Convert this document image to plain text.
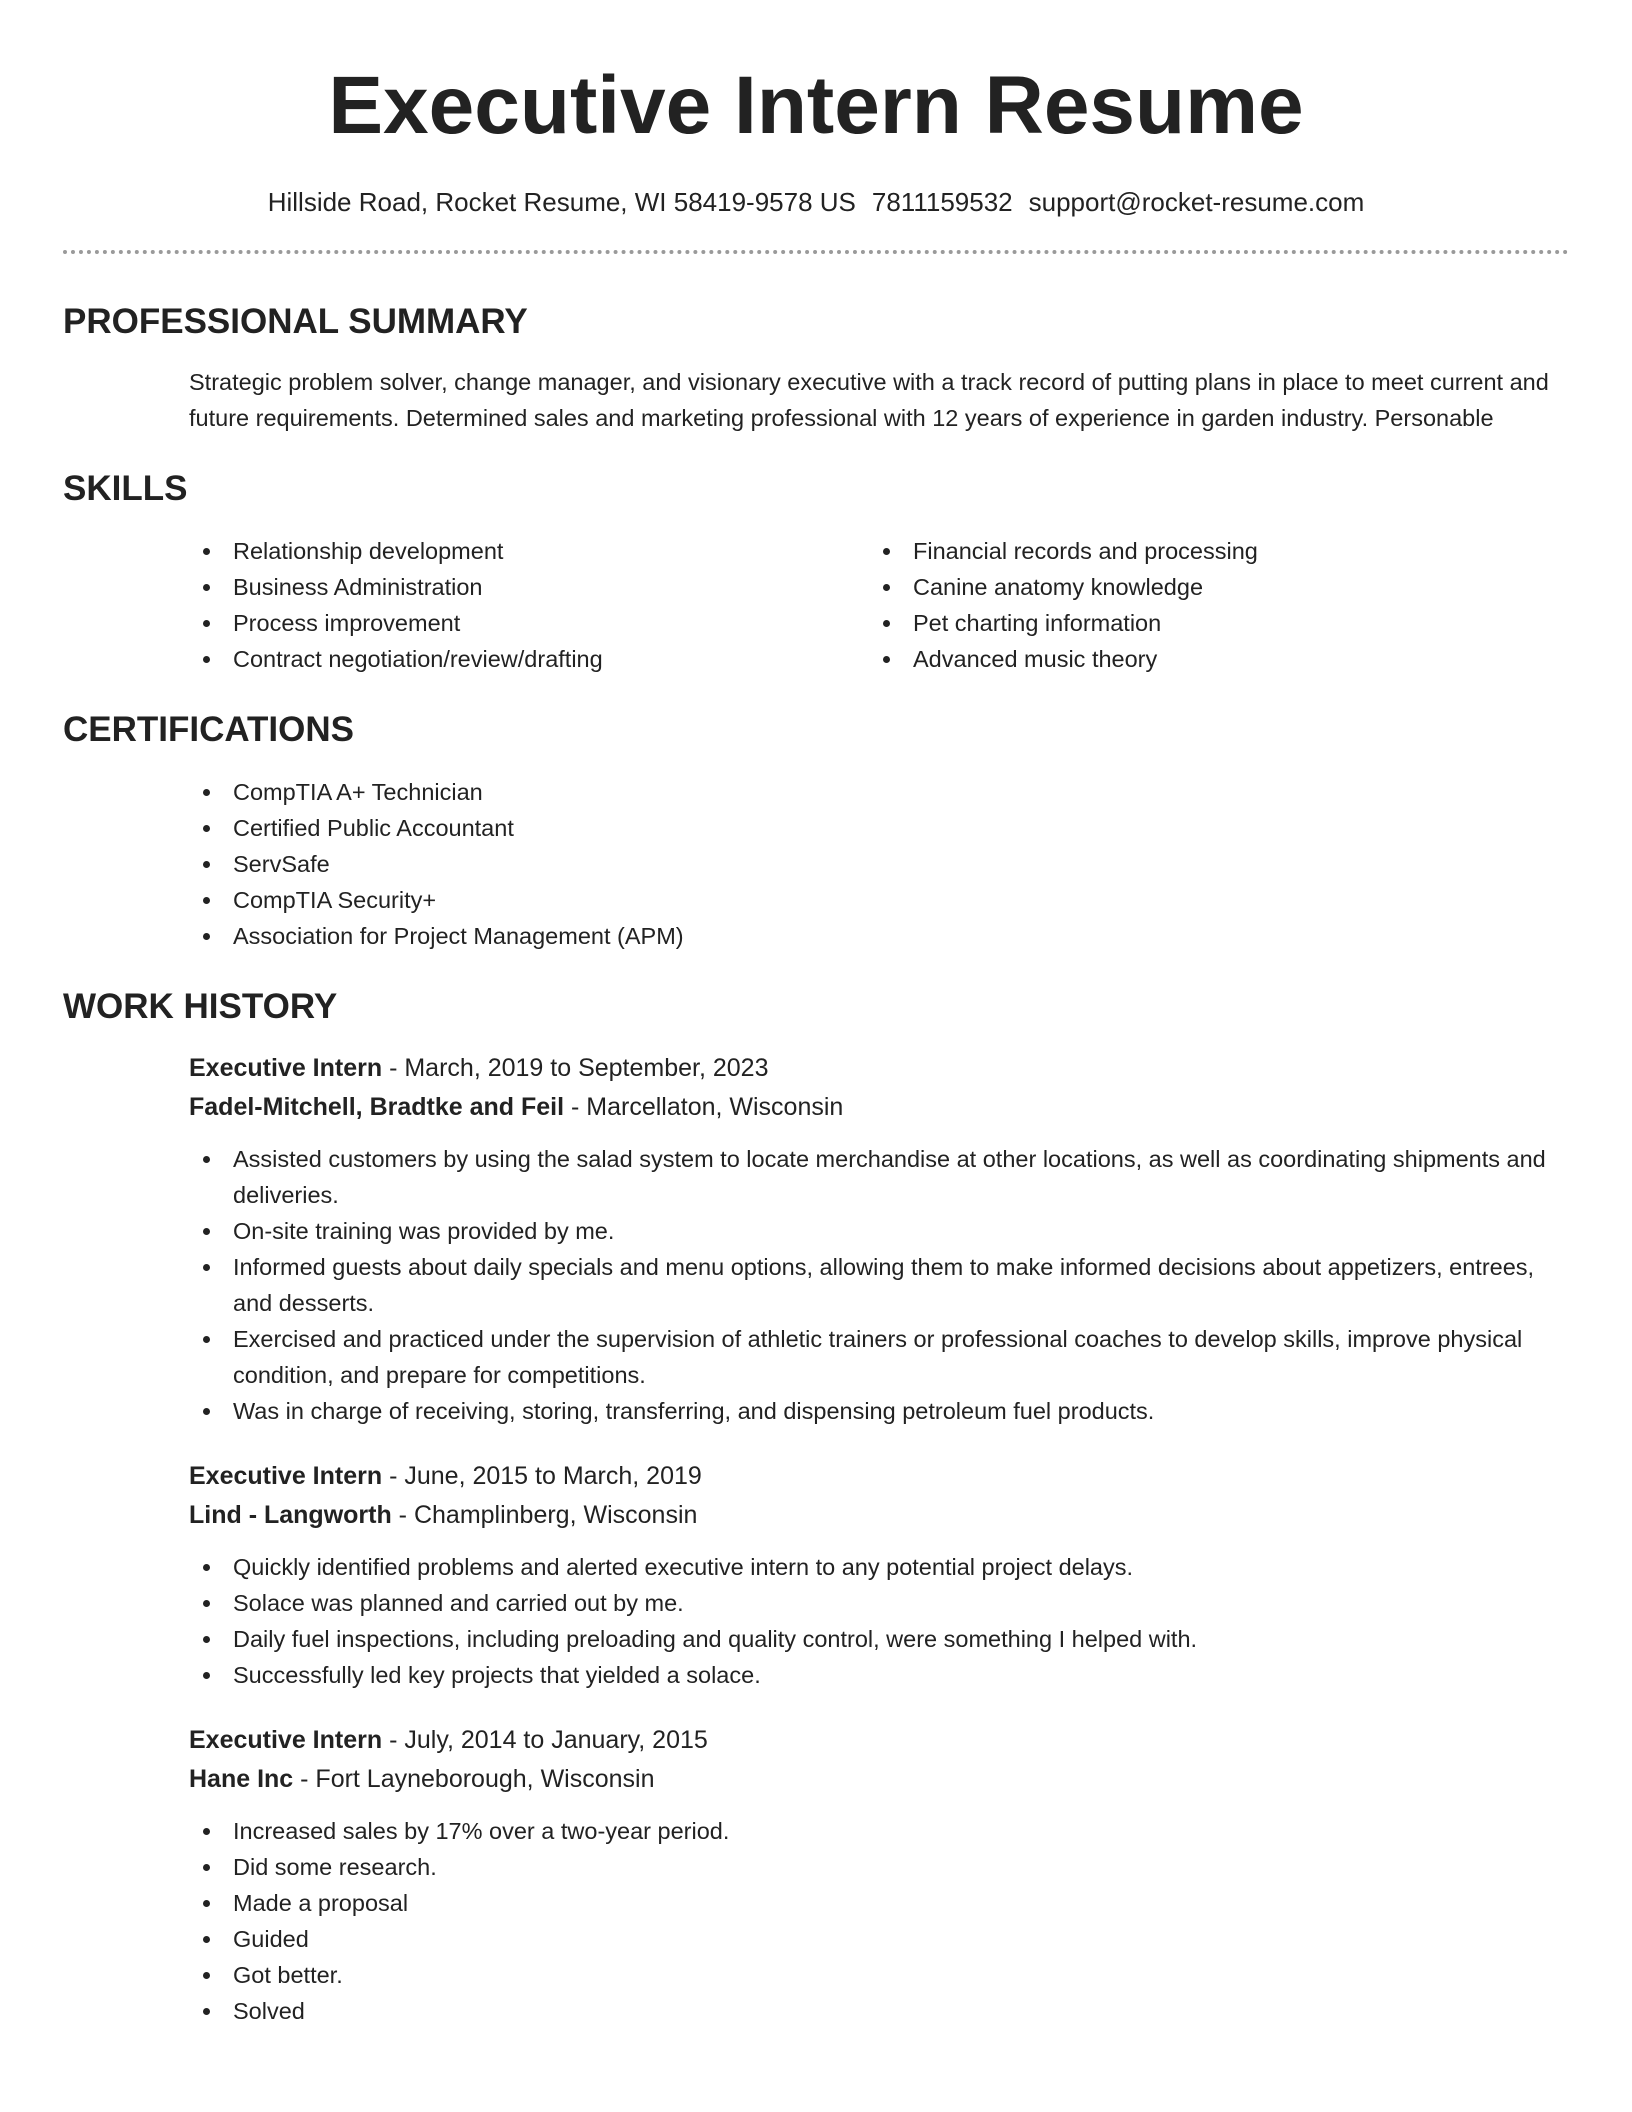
Executive Intern Resume
Hillside Road, Rocket Resume, WI 58419-9578 US 7811159532 support@rocket-resume.com
PROFESSIONAL SUMMARY

Strategic problem solver, change manager, and visionary executive with a track record of putting plans in place to meet current and future requirements. Determined sales and marketing professional with 12 years of experience in garden industry. Personable

SKILLS
Relationship development
Business Administration
Process improvement
Contract negotiation/review/drafting
Financial records and processing
Canine anatomy knowledge
Pet charting information
Advanced music theory
CERTIFICATIONS
CompTIA A+ Technician
Certified Public Accountant
ServSafe
CompTIA Security+
Association for Project Management (APM)
WORK HISTORY
Executive Intern - March, 2019 to September, 2023
Fadel-Mitchell, Bradtke and Feil - Marcellaton, Wisconsin
Assisted customers by using the salad system to locate merchandise at other locations, as well as coordinating shipments and deliveries.
On-site training was provided by me.
Informed guests about daily specials and menu options, allowing them to make informed decisions about appetizers, entrees, and desserts.
Exercised and practiced under the supervision of athletic trainers or professional coaches to develop skills, improve physical condition, and prepare for competitions.
Was in charge of receiving, storing, transferring, and dispensing petroleum fuel products.
Executive Intern - June, 2015 to March, 2019
Lind - Langworth - Champlinberg, Wisconsin
Quickly identified problems and alerted executive intern to any potential project delays.
Solace was planned and carried out by me.
Daily fuel inspections, including preloading and quality control, were something I helped with.
Successfully led key projects that yielded a solace.
Executive Intern - July, 2014 to January, 2015
Hane Inc - Fort Layneborough, Wisconsin
Increased sales by 17% over a two-year period.
Did some research.
Made a proposal
Guided
Got better.
Solved
